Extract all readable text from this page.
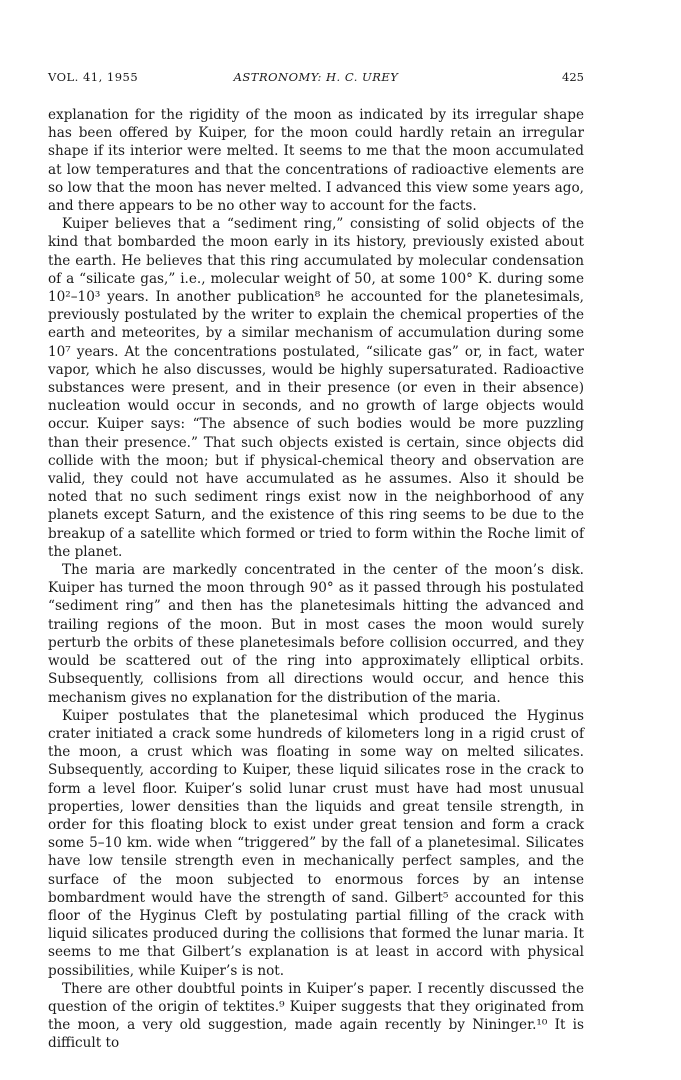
VOL. 41, 1955	ASTRONOMY: H. C. UREY	425

explanation for the rigidity of the moon as indicated by its irregular shape has been offered by Kuiper, for the moon could hardly retain an irregular shape if its interior were melted. It seems to me that the moon accumulated at low temperatures and that the concentrations of radioactive elements are so low that the moon has never melted. I advanced this view some years ago, and there appears to be no other way to account for the facts.

Kuiper believes that a “sediment ring,” consisting of solid objects of the kind that bombarded the moon early in its history, previously existed about the earth. He believes that this ring accumulated by molecular condensation of a “silicate gas,” i.e., molecular weight of 50, at some 100° K. during some 10²–10³ years. In another publication⁸ he accounted for the planetesimals, previously postulated by the writer to explain the chemical properties of the earth and meteorites, by a similar mechanism of accumulation during some 10⁷ years. At the concentrations postulated, “silicate gas” or, in fact, water vapor, which he also discusses, would be highly supersaturated. Radioactive substances were present, and in their presence (or even in their absence) nucleation would occur in seconds, and no growth of large objects would occur. Kuiper says: “The absence of such bodies would be more puzzling than their presence.” That such objects existed is certain, since objects did collide with the moon; but if physical-chemical theory and observation are valid, they could not have accumulated as he assumes. Also it should be noted that no such sediment rings exist now in the neighborhood of any planets except Saturn, and the existence of this ring seems to be due to the breakup of a satellite which formed or tried to form within the Roche limit of the planet.

The maria are markedly concentrated in the center of the moon’s disk. Kuiper has turned the moon through 90° as it passed through his postulated “sediment ring” and then has the planetesimals hitting the advanced and trailing regions of the moon. But in most cases the moon would surely perturb the orbits of these planetesimals before collision occurred, and they would be scattered out of the ring into approximately elliptical orbits. Subsequently, collisions from all directions would occur, and hence this mechanism gives no explanation for the distribution of the maria.

Kuiper postulates that the planetesimal which produced the Hyginus crater initiated a crack some hundreds of kilometers long in a rigid crust of the moon, a crust which was floating in some way on melted silicates. Subsequently, according to Kuiper, these liquid silicates rose in the crack to form a level floor. Kuiper’s solid lunar crust must have had most unusual properties, lower densities than the liquids and great tensile strength, in order for this floating block to exist under great tension and form a crack some 5–10 km. wide when “triggered” by the fall of a planetesimal. Silicates have low tensile strength even in mechanically perfect samples, and the surface of the moon subjected to enormous forces by an intense bombardment would have the strength of sand. Gilbert⁵ accounted for this floor of the Hyginus Cleft by postulating partial filling of the crack with liquid silicates produced during the collisions that formed the lunar maria. It seems to me that Gilbert’s explanation is at least in accord with physical possibilities, while Kuiper’s is not.

There are other doubtful points in Kuiper’s paper. I recently discussed the question of the origin of tektites.⁹ Kuiper suggests that they originated from the moon, a very old suggestion, made again recently by Nininger.¹⁰ It is difficult to
